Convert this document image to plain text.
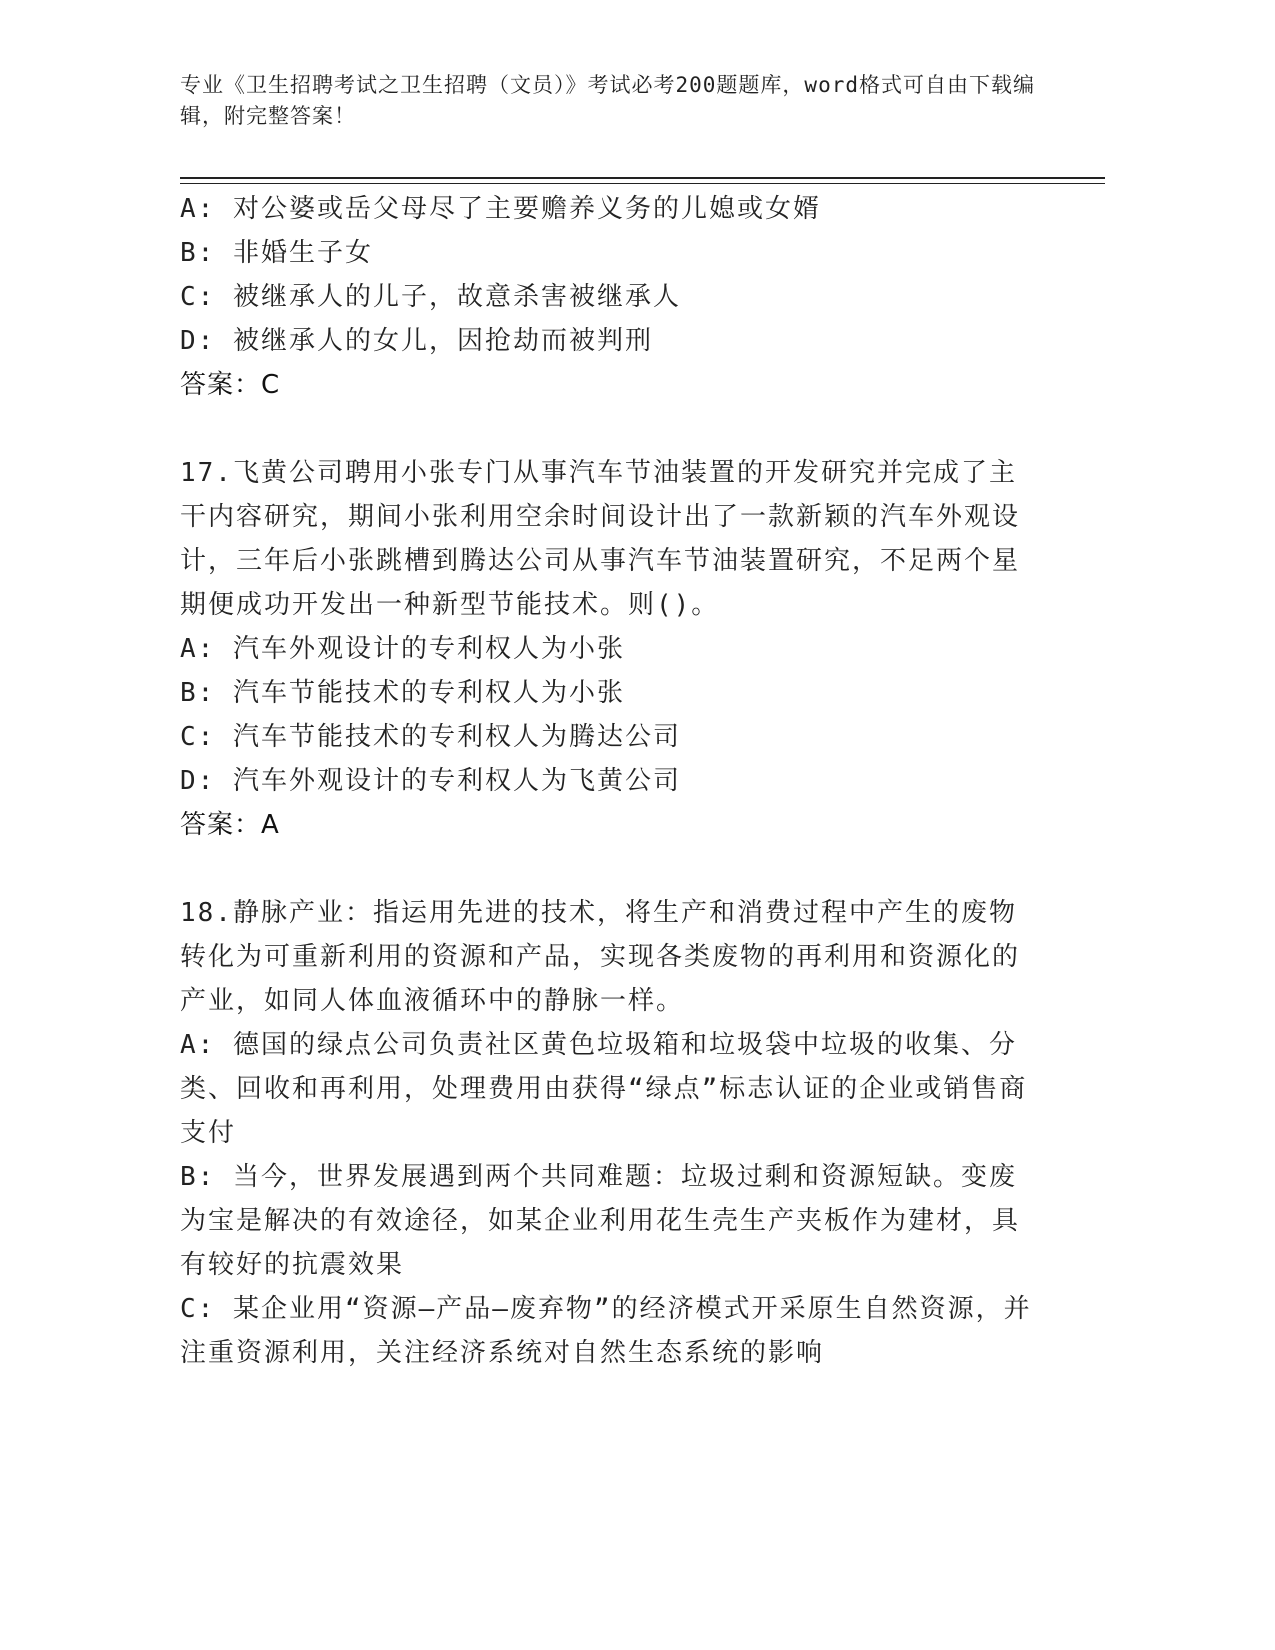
专业《卫生招聘考试之卫生招聘（文员）》考试必考200题题库，word格式可自由下载编辑，附完整答案！
A: 对公婆或岳父母尽了主要赡养义务的儿媳或女婿
B: 非婚生子女
C: 被继承人的儿子，故意杀害被继承人
D: 被继承人的女儿，因抢劫而被判刑
答案：C
17.飞黄公司聘用小张专门从事汽车节油装置的开发研究并完成了主干内容研究，期间小张利用空余时间设计出了一款新颖的汽车外观设计，三年后小张跳槽到腾达公司从事汽车节油装置研究，不足两个星期便成功开发出一种新型节能技术。则()。
A: 汽车外观设计的专利权人为小张
B: 汽车节能技术的专利权人为小张
C: 汽车节能技术的专利权人为腾达公司
D: 汽车外观设计的专利权人为飞黄公司
答案：A
18.静脉产业：指运用先进的技术，将生产和消费过程中产生的废物转化为可重新利用的资源和产品，实现各类废物的再利用和资源化的产业，如同人体血液循环中的静脉一样。
A: 德国的绿点公司负责社区黄色垃圾箱和垃圾袋中垃圾的收集、分类、回收和再利用，处理费用由获得“绿点”标志认证的企业或销售商支付
B: 当今，世界发展遇到两个共同难题：垃圾过剩和资源短缺。变废为宝是解决的有效途径，如某企业利用花生壳生产夹板作为建材，具有较好的抗震效果
C: 某企业用“资源—产品—废弃物”的经济模式开采原生自然资源，并注重资源利用，关注经济系统对自然生态系统的影响
